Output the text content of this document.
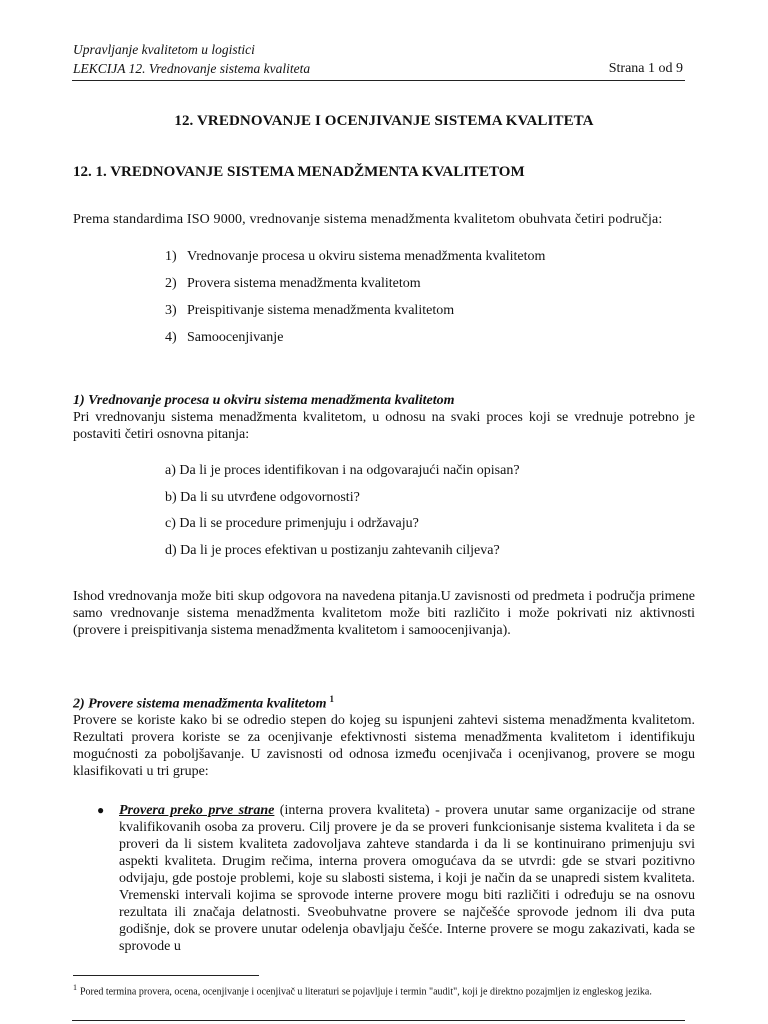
Upravljanje kvalitetom u logistici
LEKCIJA 12. Vrednovanje sistema kvaliteta	Strana 1 od 9
12. VREDNOVANJE I OCENJIVANJE SISTEMA KVALITETA
12. 1. VREDNOVANJE SISTEMA MENADŽMENTA KVALITETOM

Prema standardima ISO 9000, vrednovanje sistema menadžmenta kvalitetom obuhvata četiri područja:

1) Vrednovanje procesa u okviru sistema menadžmenta kvalitetom
2) Provera sistema menadžmenta kvalitetom
3) Preispitivanje sistema menadžmenta kvalitetom
4) Samoocenjivanje
1) Vrednovanje procesa u okviru sistema menadžmenta kvalitetom

Pri vrednovanju sistema menadžmenta kvalitetom, u odnosu na svaki proces koji se vrednuje potrebno je postaviti četiri osnovna pitanja:

a) Da li je proces identifikovan i na odgovarajući način opisan?
b) Da li su utvrđene odgovornosti?
c) Da li se procedure primenjuju i održavaju?
d) Da li je proces efektivan u postizanju zahtevanih ciljeva?

Ishod vrednovanja može biti skup odgovora na navedena pitanja.U zavisnosti od predmeta i područja primene samo vrednovanje sistema menadžmenta kvalitetom može biti različito i može pokrivati niz aktivnosti (provere i preispitivanja sistema menadžmenta kvalitetom i samoocenjivanja).

2) Provere sistema menadžmenta kvalitetom $^1$

Provere se koriste kako bi se odredio stepen do kojeg su ispunjeni zahtevi sistema menadžmenta kvalitetom. Rezultati provera koriste se za ocenjivanje efektivnosti sistema menadžmenta kvalitetom i identifikuju mogućnosti za poboljšavanje. U zavisnosti od odnosa između ocenjivača i ocenjivanog, provere se mogu klasifikovati u tri grupe:

● Provera preko prve strane (interna provera kvaliteta) - provera unutar same organizacije od strane kvalifikovanih osoba za proveru. Cilj provere je da se proveri funkcionisanje sistema kvaliteta i da se proveri da li sistem kvaliteta zadovoljava zahteve standarda i da li se kontinuirano primenjuju svi aspekti kvaliteta. Drugim rečima, interna provera omogućava da se utvrdi: gde se stvari pozitivno odvijaju, gde postoje problemi, koje su slabosti sistema, i koji je način da se unapredi sistem kvaliteta. Vremenski intervali kojima se sprovode interne provere mogu biti različiti i određuju se na osnovu rezultata ili značaja delatnosti. Sveobuhvatne provere se najčešće sprovode jednom ili dva puta godišnje, dok se provere unutar odelenja obavljaju češće. Interne provere se mogu zakazivati, kada se sprovode u

$^1$ Pored termina provera, ocena, ocenjivanje i ocenjivač u literaturi se pojavljuje i termin "audit", koji je direktno pozajmljen iz engleskog jezika.
